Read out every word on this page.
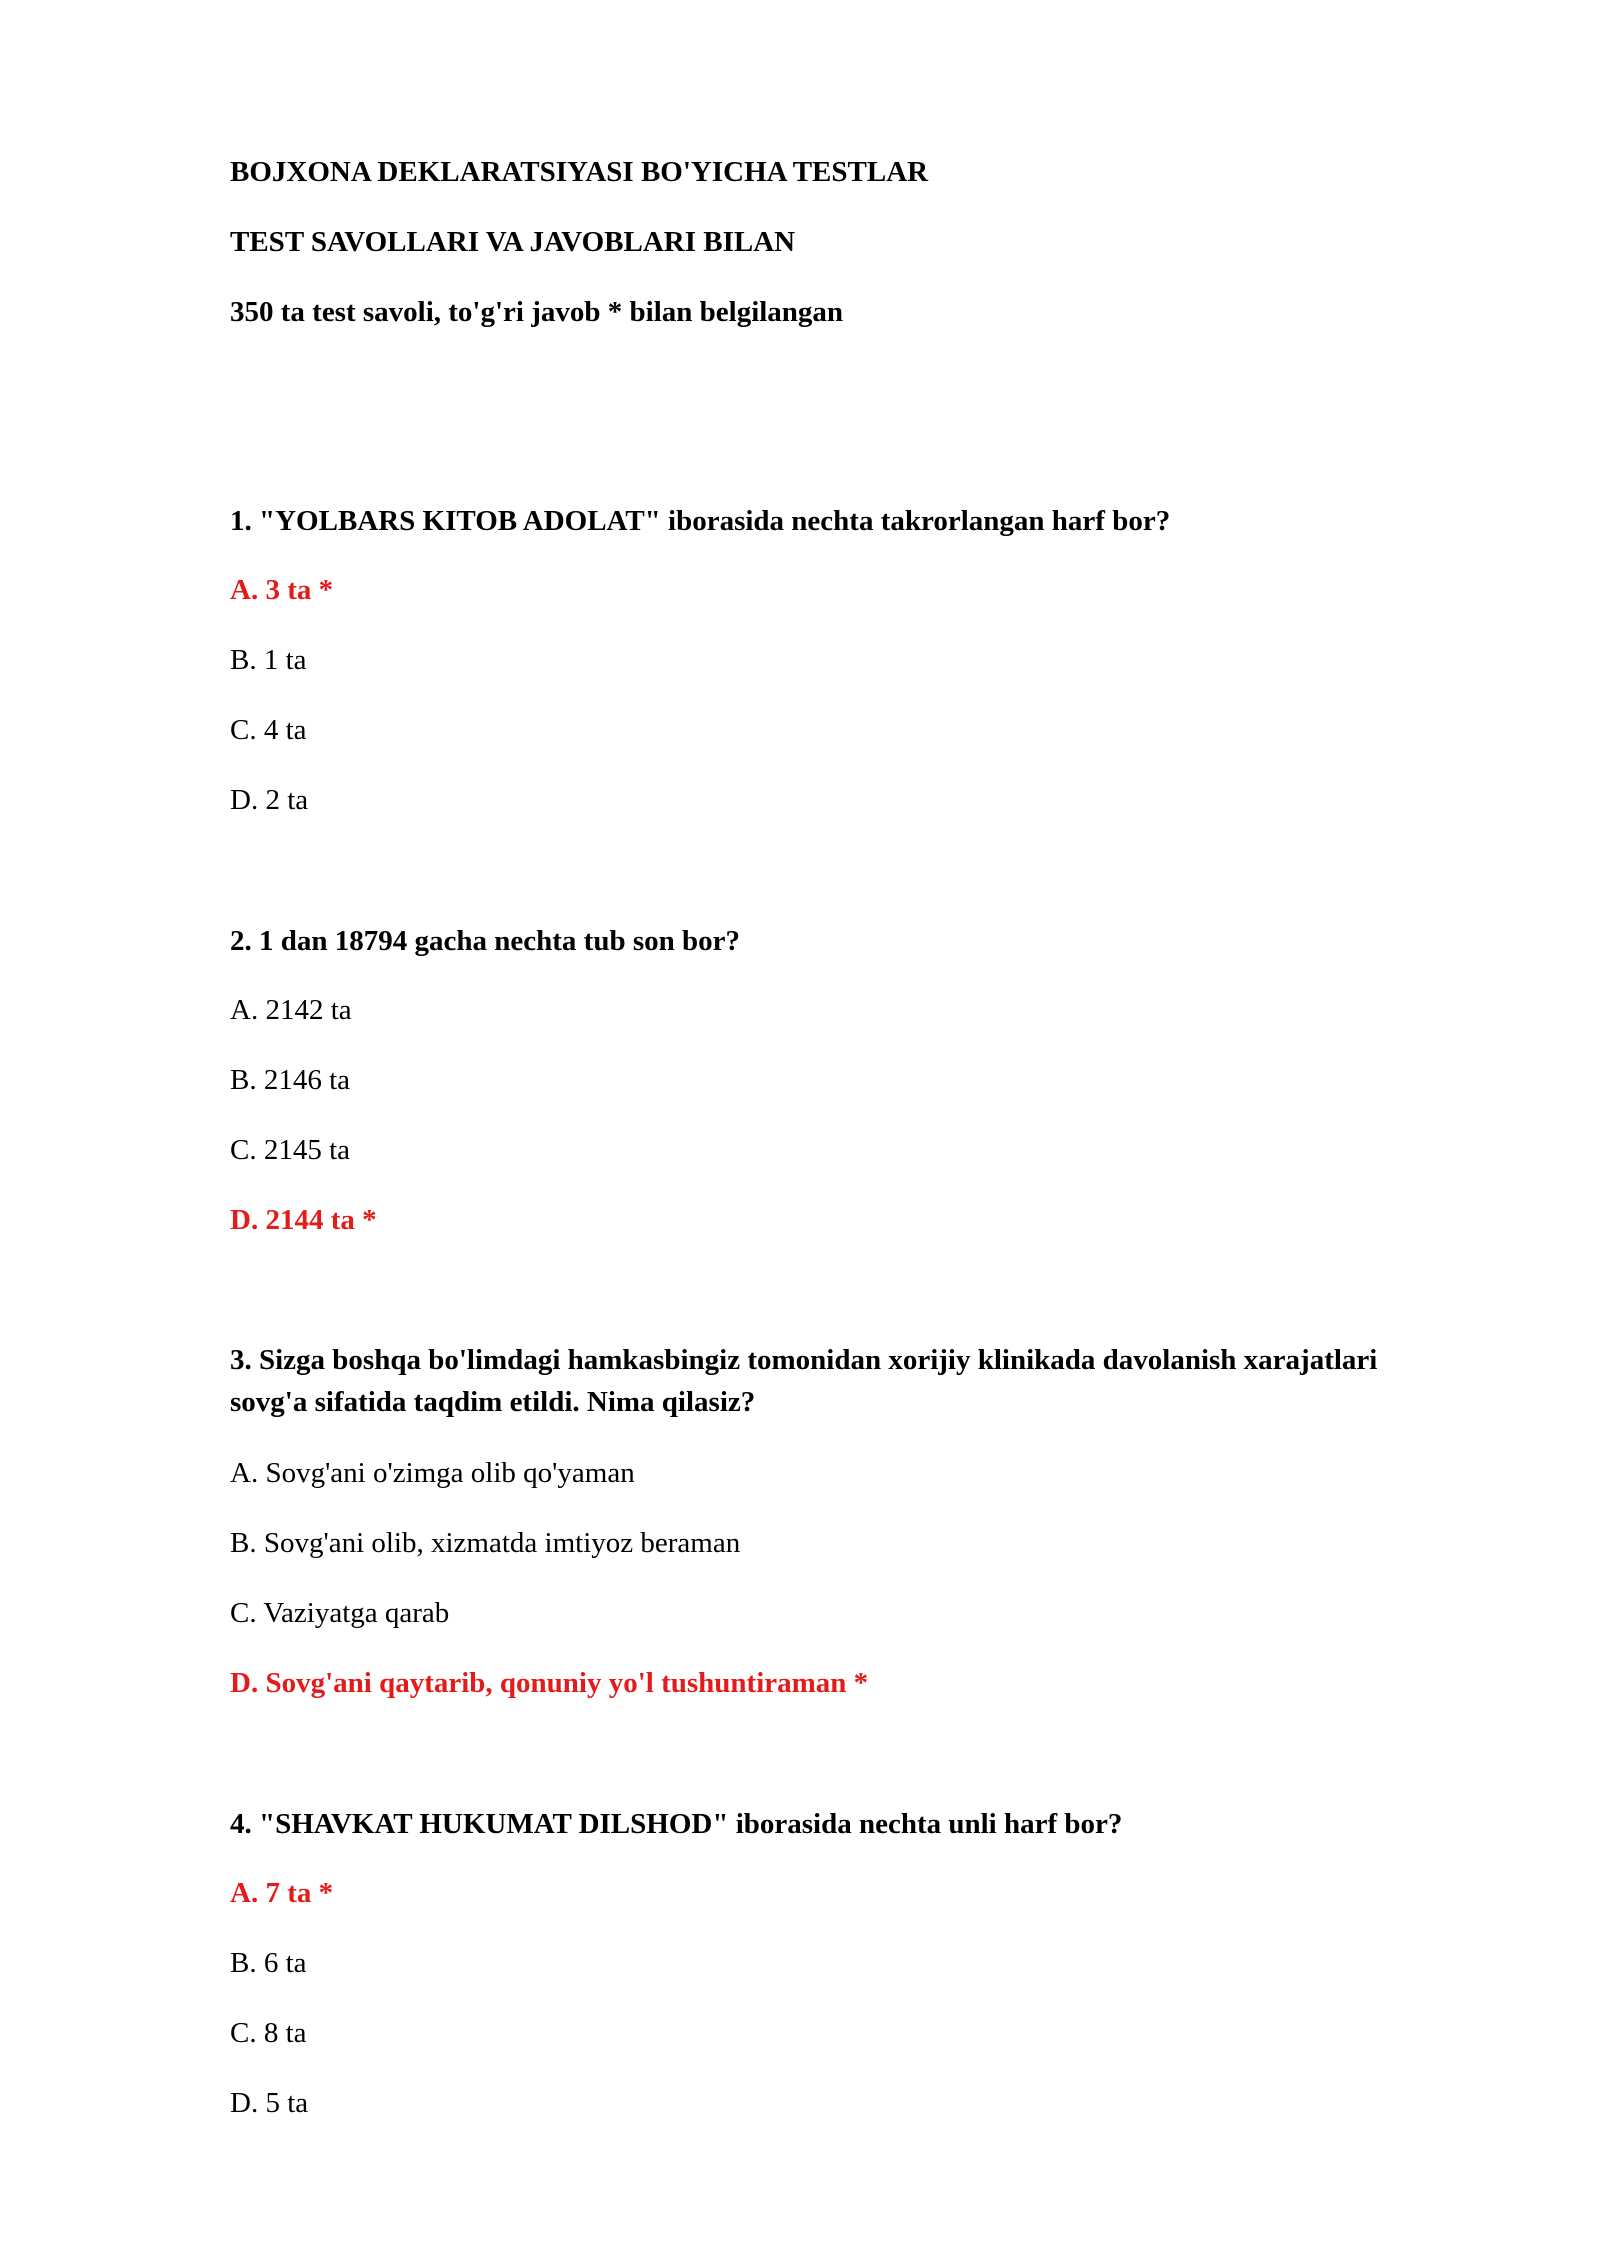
BOJXONA DEKLARATSIYASI BO'YICHA TESTLAR
TEST SAVOLLARI VA JAVOBLARI BILAN
350 ta test savoli, to'g'ri javob * bilan belgilangan
1. "YOLBARS KITOB ADOLAT" iborasida nechta takrorlangan harf bor?
A. 3 ta *
B. 1 ta
C. 4 ta
D. 2 ta
2. 1 dan 18794 gacha nechta tub son bor?
A. 2142 ta
B. 2146 ta
C. 2145 ta
D. 2144 ta *
3. Sizga boshqa bo'limdagi hamkasbingiz tomonidan xorijiy klinikada davolanish xarajatlari sovg'a sifatida taqdim etildi. Nima qilasiz?
A. Sovg'ani o'zimga olib qo'yaman
B. Sovg'ani olib, xizmatda imtiyoz beraman
C. Vaziyatga qarab
D. Sovg'ani qaytarib, qonuniy yo'l tushuntiraman *
4. "SHAVKAT HUKUMAT DILSHOD" iborasida nechta unli harf bor?
A. 7 ta *
B. 6 ta
C. 8 ta
D. 5 ta
